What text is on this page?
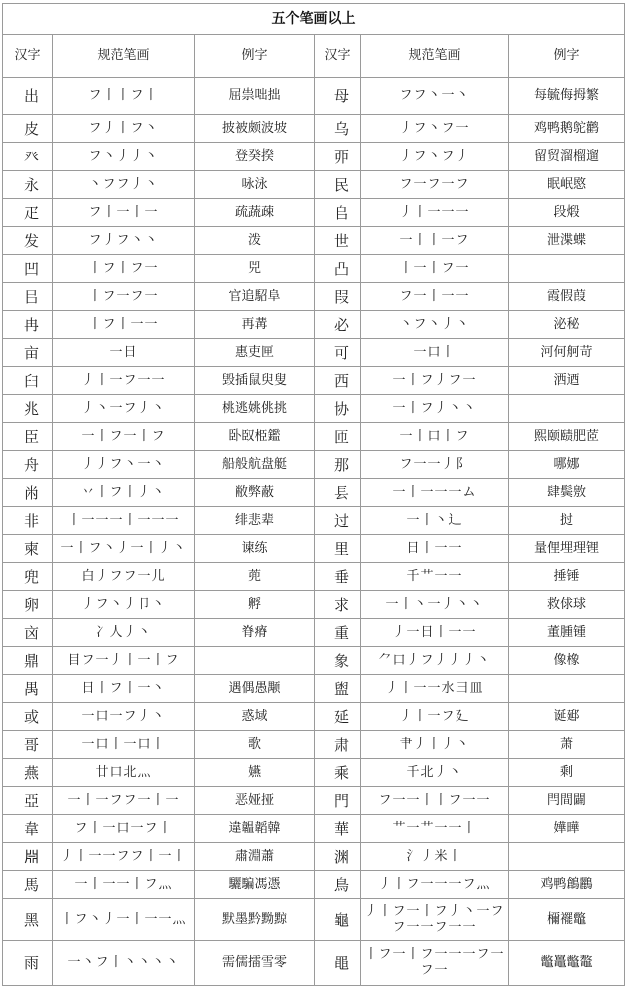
五个笔画以上					
汉字	规范笔画	例字	汉字	规范笔画	例字
出	フ丨丨フ丨	屈祟咄拙	母	フフ丶一丶	每毓侮拇繁
皮	フ丿丨フ丶	披被颇波坡	乌	丿フ丶フ一	鸡鸭鹅鸵鹳
癶	フ丶丿丿丶	登癸揆	丣	丿フ丶フ丿	留贸溜榴遛
永	丶フフ丿丶	咏泳	民	フ一フ一フ	眠岷愍
疋	フ丨一丨一	疏蔬疎	𠂤	丿丨一一一	段煅
发	フ丿フ丶丶	泼	世	一丨丨一フ	泄渫蝶
凹	丨フ丨フ一	兕	凸	丨一丨フ一	
㠯	丨フ一フ一	官追駋阜	叚	フ一丨一一	霞假葭
冉	丨フ丨一一	再冓	必	丶フ丶丿丶	泌秘
亩	一日	惠吏匣	可	一口丨	河何舸苛
臼	丿丨一フ一一	毁插鼠臾叟	西	一丨フ丿フ一	洒迺
兆	丿丶一フ丿丶	桃逃姚佻挑	协	一丨フ丿丶丶	
臣	一丨フ一丨フ	卧臤栕鑑	匝	一丨口丨フ	熙颐赜肥茝
舟	丿丿フ丶一丶	船般航盘艇	那	フ一一丿阝	哪娜
㡀	丷丨フ丨丿丶	敝弊蔽	镸	一丨一一一ム	肆鬓敫
非	丨一一一丨一一一	绯悲辈	过	一丨丶辶	挝
柬	一丨フ丶丿一丨丿丶	谏练	里	日丨一一	量俚埋理锂
兜	白丿フフ一儿	蔸	垂	千艹一一	捶锤
卵	丿フ丶丿卩丶	孵	求	一丨丶一丿丶丶	救俅球
㐫	冫人丿丶	脊瘠	重	丿一日丨一一	董腫锺
鼎	目フ一丿丨一丨フ		象	⺈口丿フ丿丿丿丶	像橡
禺	日丨フ丨一丶	遇偶愚颙	盥	丿丨一一水彐皿	
或	一口一フ丿丶	惑域	延	丿丨一フ廴	诞郔
哥	一口丨一口丨	歌	肃	肀丿丨丿丶	萧
燕	廿口北灬	嬿	乘	千北丿丶	剩
亞	一丨一フフ一丨一	恶娅挜	門	フ一一丨丨フ一一	閂間闢
韋	フ丨一口一フ丨	違韞韜韓	華	艹一艹一一丨	嬅曄
𣶒	丿丨一一フフ丨一丨	肅淵蕭	渊	氵丿米丨	
馬	一丨一一丨フ灬	驪騙馮憑	鳥	丿丨フ一一一フ灬	鸡鸭鶬鸝
黑	丨フ丶丿一丨一一灬	默墨黔黝黥	龜	丿丨フ一丨フ丿丶一フフ一一フ一一	檷襬鼈
雨	一丶フ丨丶丶丶丶	需儒擂雪零	黽	丨フ一丨フ一一一フ一フ一	鼈鼉鼈鼇
